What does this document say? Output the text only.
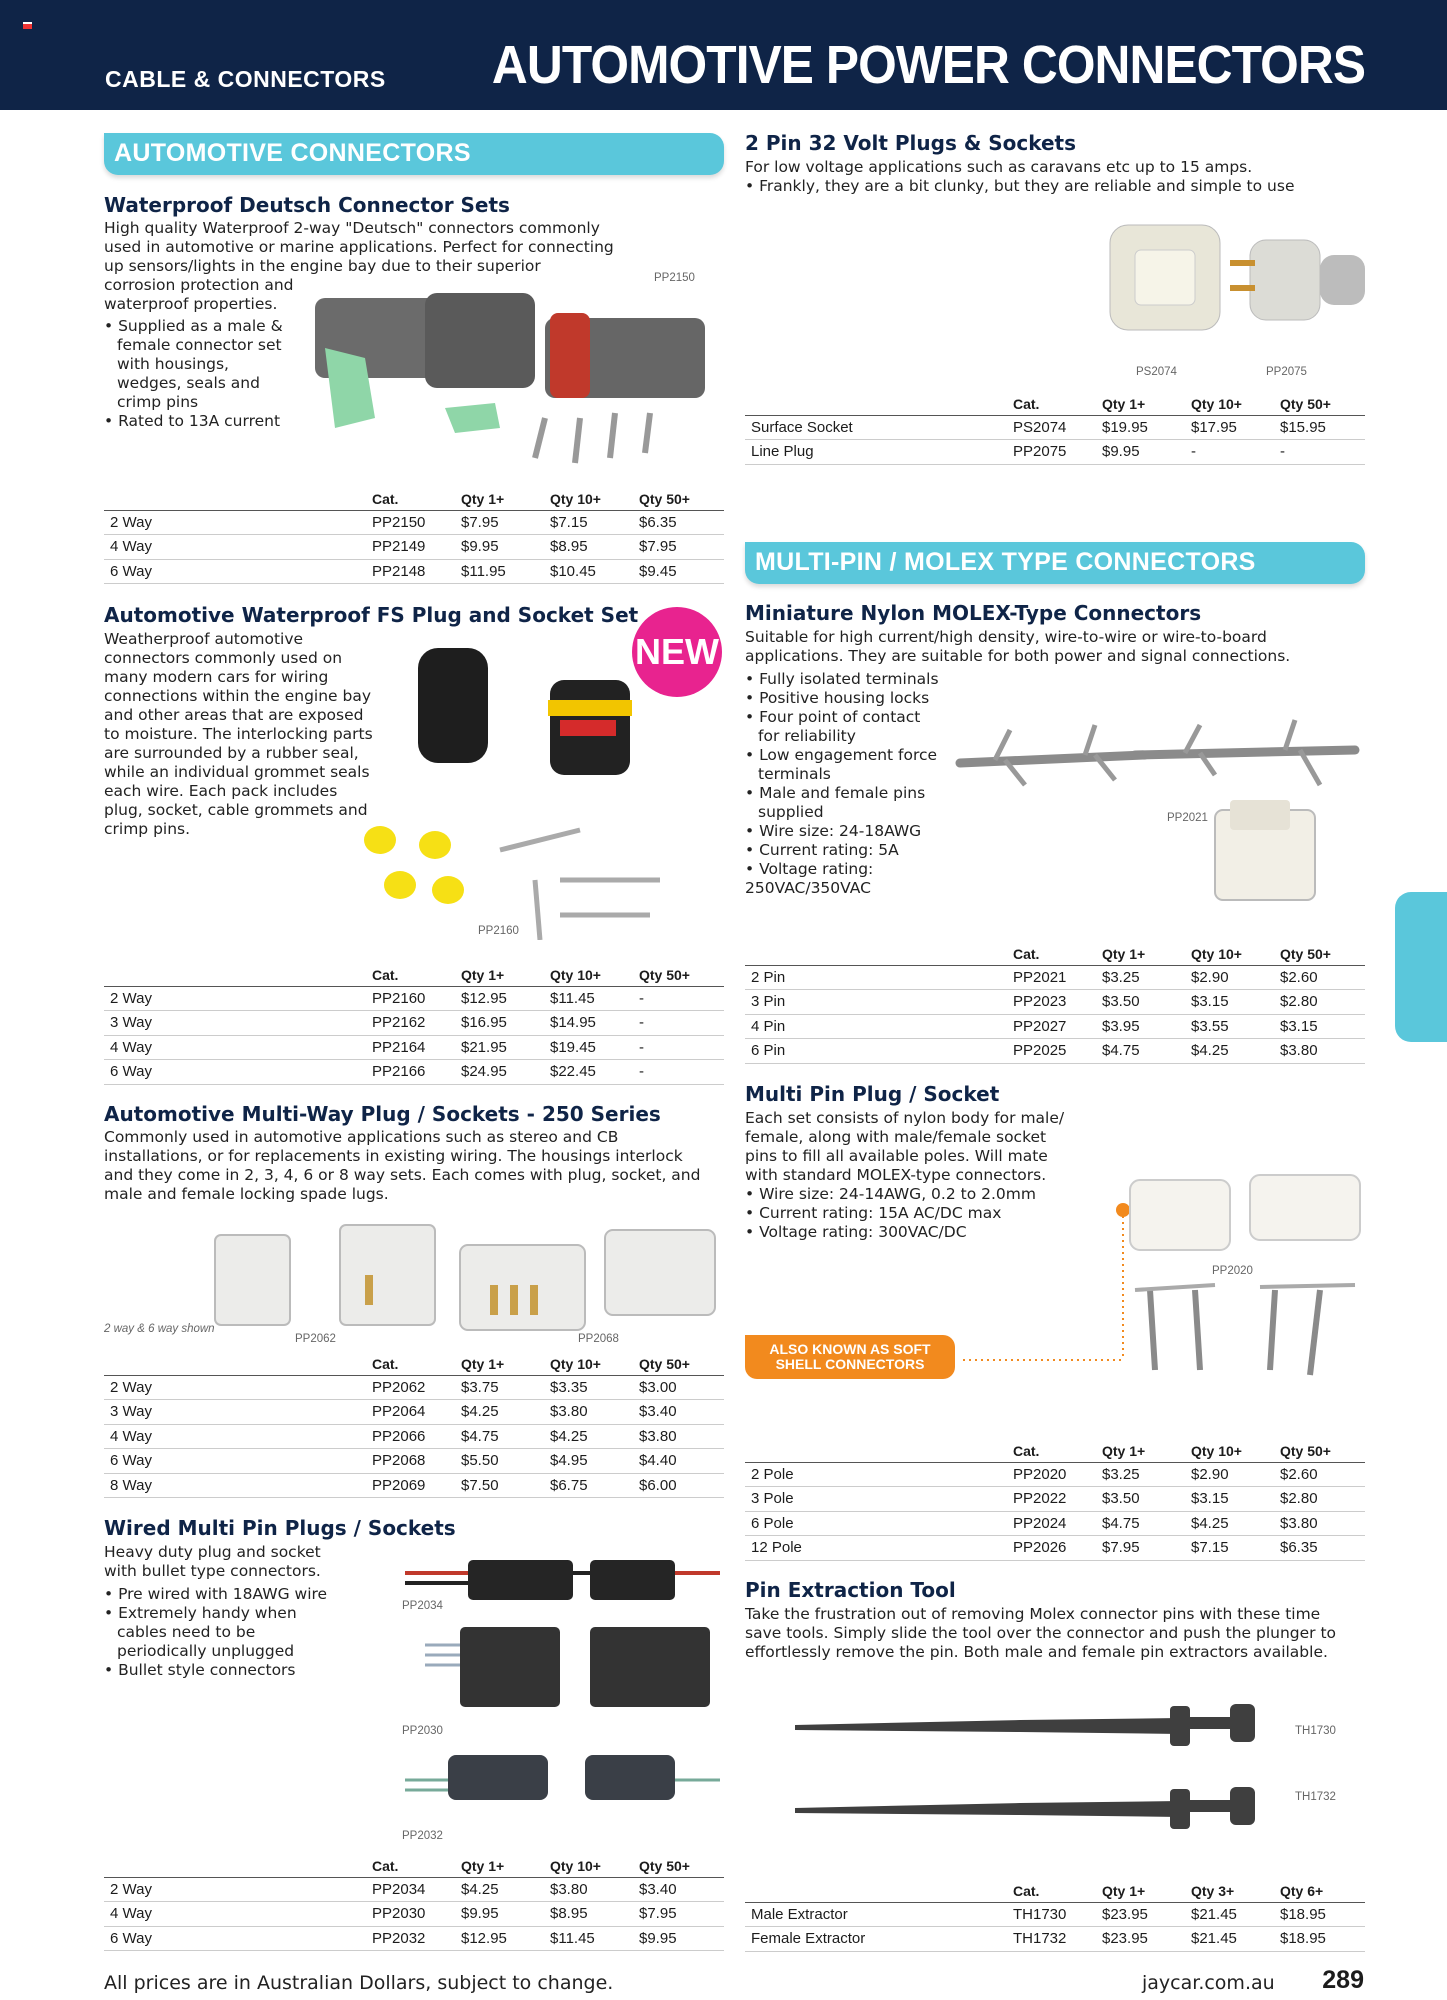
CABLE & CONNECTORS AUTOMOTIVE POWER CONNECTORS
AUTOMOTIVE CONNECTORS
Waterproof Deutsch Connector Sets

High quality Waterproof 2-way "Deutsch" connectors commonly

used in automotive or marine applications. Perfect for connecting

up sensors/lights in the engine bay due to their superior

corrosion protection and

waterproof properties.

• Supplied as a male &

female connector set

with housings,

wedges, seals and

crimp pins

• Rated to 13A current

PP2150
	Cat.	Qty 1+	Qty 10+	Qty 50+
2 Way	PP2150	$7.95	$7.15	$6.35
4 Way	PP2149	$9.95	$8.95	$7.95
6 Way	PP2148	$11.95	$10.45	$9.45
Automotive Waterproof FS Plug and Socket Set
NEW

Weatherproof automotive

connectors commonly used on

many modern cars for wiring

connections within the engine bay

and other areas that are exposed

to moisture. The interlocking parts

are surrounded by a rubber seal,

while an individual grommet seals

each wire. Each pack includes

plug, socket, cable grommets and

crimp pins.

PP2160
	Cat.	Qty 1+	Qty 10+	Qty 50+
2 Way	PP2160	$12.95	$11.45	-
3 Way	PP2162	$16.95	$14.95	-
4 Way	PP2164	$21.95	$19.45	-
6 Way	PP2166	$24.95	$22.45	-
Automotive Multi-Way Plug / Sockets - 250 Series

Commonly used in automotive applications such as stereo and CB

installations, or for replacements in existing wiring. The housings interlock

and they come in 2, 3, 4, 6 or 8 way sets. Each comes with plug, socket, and

male and female locking spade lugs.

2 way & 6 way shown
PP2062	PP2068
	Cat.	Qty 1+	Qty 10+	Qty 50+
2 Way	PP2062	$3.75	$3.35	$3.00
3 Way	PP2064	$4.25	$3.80	$3.40
4 Way	PP2066	$4.75	$4.25	$3.80
6 Way	PP2068	$5.50	$4.95	$4.40
8 Way	PP2069	$7.50	$6.75	$6.00
Wired Multi Pin Plugs / Sockets

Heavy duty plug and socket

with bullet type connectors.

• Pre wired with 18AWG wire

• Extremely handy when

cables need to be

periodically unplugged

• Bullet style connectors

PP2034
PP2030
PP2032
	Cat.	Qty 1+	Qty 10+	Qty 50+
2 Way	PP2034	$4.25	$3.80	$3.40
4 Way	PP2030	$9.95	$8.95	$7.95
6 Way	PP2032	$12.95	$11.45	$9.95
2 Pin 32 Volt Plugs & Sockets

For low voltage applications such as caravans etc up to 15 amps.

• Frankly, they are a bit clunky, but they are reliable and simple to use

PS2074	PP2075
	Cat.	Qty 1+	Qty 10+	Qty 50+
Surface Socket	PS2074	$19.95	$17.95	$15.95
Line Plug	PP2075	$9.95	-	-
MULTI-PIN / MOLEX TYPE CONNECTORS
Miniature Nylon MOLEX-Type Connectors

Suitable for high current/high density, wire-to-wire or wire-to-board

applications. They are suitable for both power and signal connections.

• Fully isolated terminals

• Positive housing locks

• Four point of contact

for reliability

• Low engagement force

terminals

• Male and female pins

supplied

• Wire size: 24-18AWG

• Current rating: 5A

• Voltage rating: 250VAC/350VAC

PP2021
	Cat.	Qty 1+	Qty 10+	Qty 50+
2 Pin	PP2021	$3.25	$2.90	$2.60
3 Pin	PP2023	$3.50	$3.15	$2.80
4 Pin	PP2027	$3.95	$3.55	$3.15
6 Pin	PP2025	$4.75	$4.25	$3.80
Multi Pin Plug / Socket

Each set consists of nylon body for male/

female, along with male/female socket

pins to fill all available poles. Will mate

with standard MOLEX-type connectors.

• Wire size: 24-14AWG, 0.2 to 2.0mm

• Current rating: 15A AC/DC max

• Voltage rating: 300VAC/DC

ALSO KNOWN AS SOFT
SHELL CONNECTORS
PP2020
	Cat.	Qty 1+	Qty 10+	Qty 50+
2 Pole	PP2020	$3.25	$2.90	$2.60
3 Pole	PP2022	$3.50	$3.15	$2.80
6 Pole	PP2024	$4.75	$4.25	$3.80
12 Pole	PP2026	$7.95	$7.15	$6.35
Pin Extraction Tool

Take the frustration out of removing Molex connector pins with these time

save tools. Simply slide the tool over the connector and push the plunger to

effortlessly remove the pin. Both male and female pin extractors available.

TH1730
TH1732
	Cat.	Qty 1+	Qty 3+	Qty 6+
Male Extractor	TH1730	$23.95	$21.45	$18.95
Female Extractor	TH1732	$23.95	$21.45	$18.95
All prices are in Australian Dollars, subject to change.	jaycar.com.au 289
